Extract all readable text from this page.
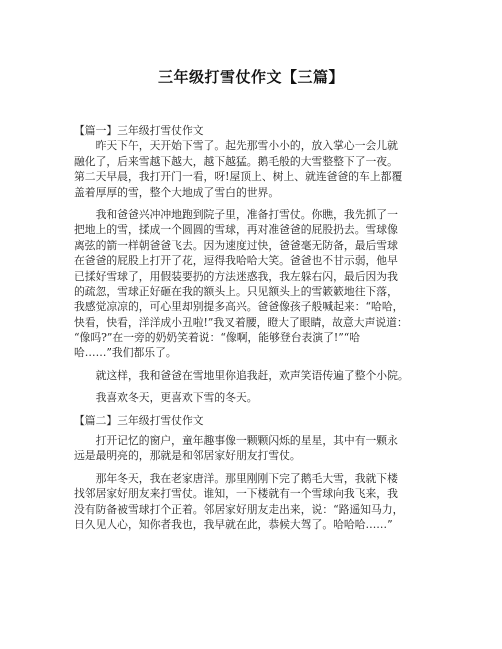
三年级打雪仗作文【三篇】
【篇一】三年级打雪仗作文
　　昨天下午，天开始下雪了。起先那雪小小的，放入掌心一会儿就
融化了，后来雪越下越大，越下越猛。鹅毛般的大雪整整下了一夜。
第二天早晨，我打开门一看，呀!屋顶上、树上、就连爸爸的车上都覆
盖着厚厚的雪，整个大地成了雪白的世界。
　　我和爸爸兴冲冲地跑到院子里，准备打雪仗。你瞧，我先抓了一
把地上的雪，揉成一个圆圆的雪球，再对准爸爸的屁股扔去。雪球像
离弦的箭一样朝爸爸飞去。因为速度过快，爸爸毫无防备，最后雪球
在爸爸的屁股上打开了花，逗得我哈哈大笑。爸爸也不甘示弱，他早
已揉好雪球了，用假装要扔的方法迷惑我，我左躲右闪，最后因为我
的疏忽，雪球正好砸在我的额头上。只见额头上的雪簌簌地往下落，
我感觉凉凉的，可心里却别提多高兴。爸爸像孩子般喊起来：“哈哈，
快看，快看，洋洋成小丑啦!”我叉着腰，瞪大了眼睛，故意大声说道：
“像吗?”在一旁的奶奶笑着说：“像啊，能够登台表演了!”“哈
哈……”我们都乐了。
　　就这样，我和爸爸在雪地里你追我赶，欢声笑语传遍了整个小院。
　　我喜欢冬天，更喜欢下雪的冬天。
【篇二】三年级打雪仗作文
　　打开记忆的窗户，童年趣事像一颗颗闪烁的星星，其中有一颗永
远是最明亮的，那就是和邻居家好朋友打雪仗。
　　那年冬天，我在老家唐洋。那里刚刚下完了鹅毛大雪，我就下楼
找邻居家好朋友来打雪仗。谁知，一下楼就有一个雪球向我飞来，我
没有防备被雪球打个正着。邻居家好朋友走出来，说：“路遥知马力，
日久见人心，知你者我也，我早就在此，恭候大驾了。哈哈哈……”
